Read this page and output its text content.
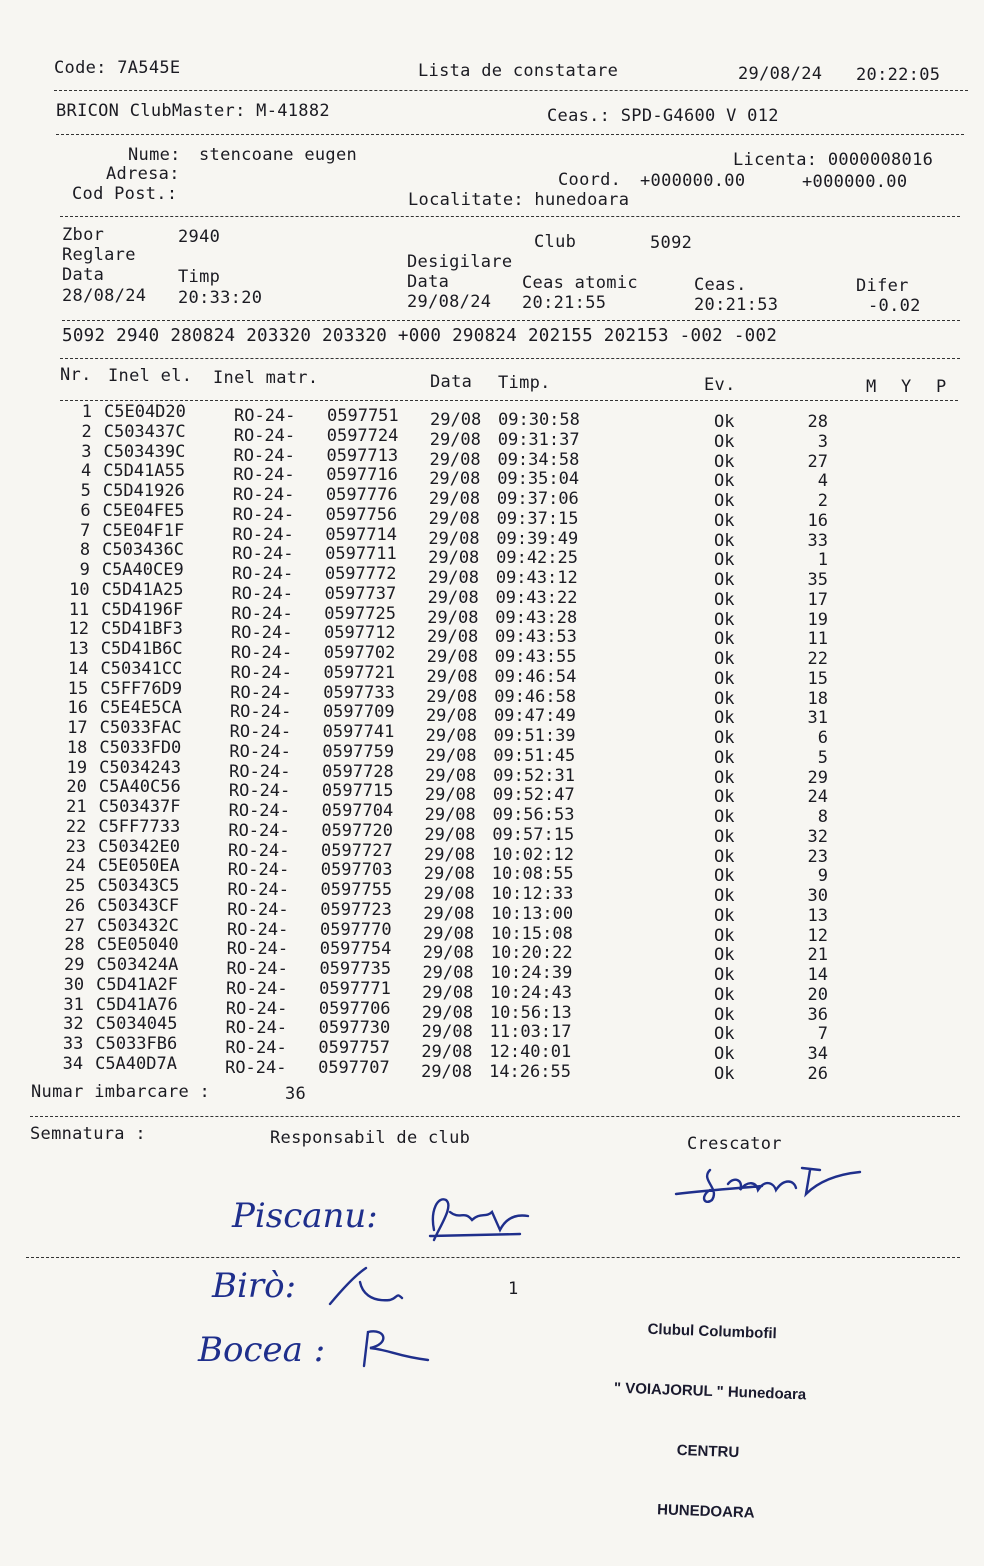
Code: 7A545E	Lista de constatare	29/08/24 20:22:05
BRICON ClubMaster: M-41882	Ceas.: SPD-G4600 V 012
Nume: stencoane eugen
Adresa:
Cod Post.:
Licenta: 0000008016
Coord. +000000.00	+000000.00
Localitate: hunedoara
Zbor	2940	Club	5092
Reglare	Desigilare
Data	Timp	Data	Ceas atomic	Ceas.	Difer
28/08/24 20:33:20	29/08/24 20:21:55	20:21:53	-0.02
5092 2940 280824 203320 203320 +000 290824 202155 202153 -002 -002
Nr. Inel el. Inel matr.	Data Timp.	Ev.	M Y P
1 C5E04D20	RO-24- 0597751 29/08 09:30:58	Ok	28
2 C503437C	RO-24- 0597724 29/08 09:31:37	Ok	3
3 C503439C	RO-24- 0597713 29/08 09:34:58	Ok	27
4 C5D41A55	RO-24- 0597716 29/08 09:35:04	Ok	4
5 C5D41926	RO-24- 0597776 29/08 09:37:06	Ok	2
6 C5E04FE5	RO-24- 0597756 29/08 09:37:15	Ok	16
7 C5E04F1F	RO-24- 0597714 29/08 09:39:49	Ok	33
8 C503436C	RO-24- 0597711 29/08 09:42:25	Ok	1
9 C5A40CE9	RO-24- 0597772 29/08 09:43:12	Ok	35
10 C5D41A25	RO-24- 0597737 29/08 09:43:22	Ok	17
11 C5D4196F	RO-24- 0597725 29/08 09:43:28	Ok	19
12 C5D41BF3	RO-24- 0597712 29/08 09:43:53	Ok	11
13 C5D41B6C	RO-24- 0597702 29/08 09:43:55	Ok	22
14 C50341CC	RO-24- 0597721 29/08 09:46:54	Ok	15
15 C5FF76D9	RO-24- 0597733 29/08 09:46:58	Ok	18
16 C5E4E5CA	RO-24- 0597709 29/08 09:47:49	Ok	31
17 C5033FAC	RO-24- 0597741 29/08 09:51:39	Ok	6
18 C5033FD0	RO-24- 0597759 29/08 09:51:45	Ok	5
19 C5034243	RO-24- 0597728 29/08 09:52:31	Ok	29
20 C5A40C56	RO-24- 0597715 29/08 09:52:47	Ok	24
21 C503437F	RO-24- 0597704 29/08 09:56:53	Ok	8
22 C5FF7733	RO-24- 0597720 29/08 09:57:15	Ok	32
23 C50342E0	RO-24- 0597727 29/08 10:02:12	Ok	23
24 C5E050EA	RO-24- 0597703 29/08 10:08:55	Ok	9
25 C50343C5	RO-24- 0597755 29/08 10:12:33	Ok	30
26 C50343CF	RO-24- 0597723 29/08 10:13:00	Ok	13
27 C503432C	RO-24- 0597770 29/08 10:15:08	Ok	12
28 C5E05040	RO-24- 0597754 29/08 10:20:22	Ok	21
29 C503424A	RO-24- 0597735 29/08 10:24:39	Ok	14
30 C5D41A2F	RO-24- 0597771 29/08 10:24:43	Ok	20
31 C5D41A76	RO-24- 0597706 29/08 10:56:13	Ok	36
32 C5034045	RO-24- 0597730 29/08 11:03:17	Ok	7
33 C5033FB6	RO-24- 0597757 29/08 12:40:01	Ok	34
34 C5A40D7A	RO-24- 0597707 29/08 14:26:55	Ok	26
Numar imbarcare :	36
Semnatura :	Responsabil de club	Crescator
Piscanu:
Birò:	1
Bocea :

	Clubul Columbofil

" VOIAJORUL " Hunedoara

CENTRU

HUNEDOARA
